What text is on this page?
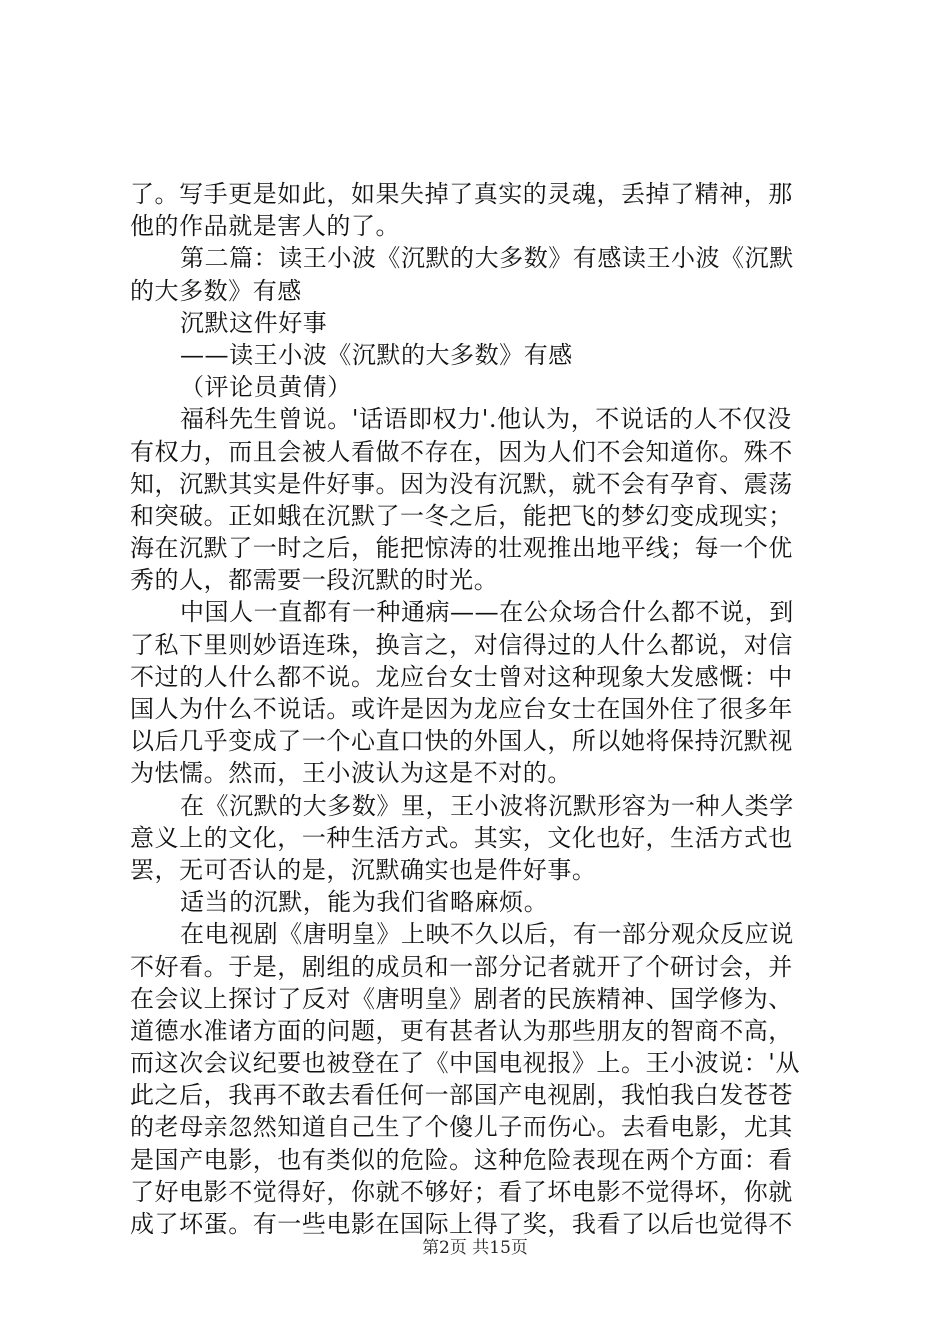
了。写手更是如此，如果失掉了真实的灵魂，丢掉了精神，那
他的作品就是害人的了。
第二篇：读王小波《沉默的大多数》有感读王小波《沉默
的大多数》有感
沉默这件好事
——读王小波《沉默的大多数》有感
（评论员黄倩）
福科先生曾说。'话语即权力'.他认为，不说话的人不仅没
有权力，而且会被人看做不存在，因为人们不会知道你。殊不
知，沉默其实是件好事。因为没有沉默，就不会有孕育、震荡
和突破。正如蛾在沉默了一冬之后，能把飞的梦幻变成现实；
海在沉默了一时之后，能把惊涛的壮观推出地平线；每一个优
秀的人，都需要一段沉默的时光。
中国人一直都有一种通病——在公众场合什么都不说，到
了私下里则妙语连珠，换言之，对信得过的人什么都说，对信
不过的人什么都不说。龙应台女士曾对这种现象大发感慨：中
国人为什么不说话。或许是因为龙应台女士在国外住了很多年
以后几乎变成了一个心直口快的外国人，所以她将保持沉默视
为怯懦。然而，王小波认为这是不对的。
在《沉默的大多数》里，王小波将沉默形容为一种人类学
意义上的文化，一种生活方式。其实，文化也好，生活方式也
罢，无可否认的是，沉默确实也是件好事。
适当的沉默，能为我们省略麻烦。
在电视剧《唐明皇》上映不久以后，有一部分观众反应说
不好看。于是，剧组的成员和一部分记者就开了个研讨会，并
在会议上探讨了反对《唐明皇》剧者的民族精神、国学修为、
道德水准诸方面的问题，更有甚者认为那些朋友的智商不高，
而这次会议纪要也被登在了《中国电视报》上。王小波说：'从
此之后，我再不敢去看任何一部国产电视剧，我怕我白发苍苍
的老母亲忽然知道自己生了个傻儿子而伤心。去看电影，尤其
是国产电影，也有类似的危险。这种危险表现在两个方面：看
了好电影不觉得好，你就不够好；看了坏电影不觉得坏，你就
成了坏蛋。有一些电影在国际上得了奖，我看了以后也觉得不
第2页 共15页
